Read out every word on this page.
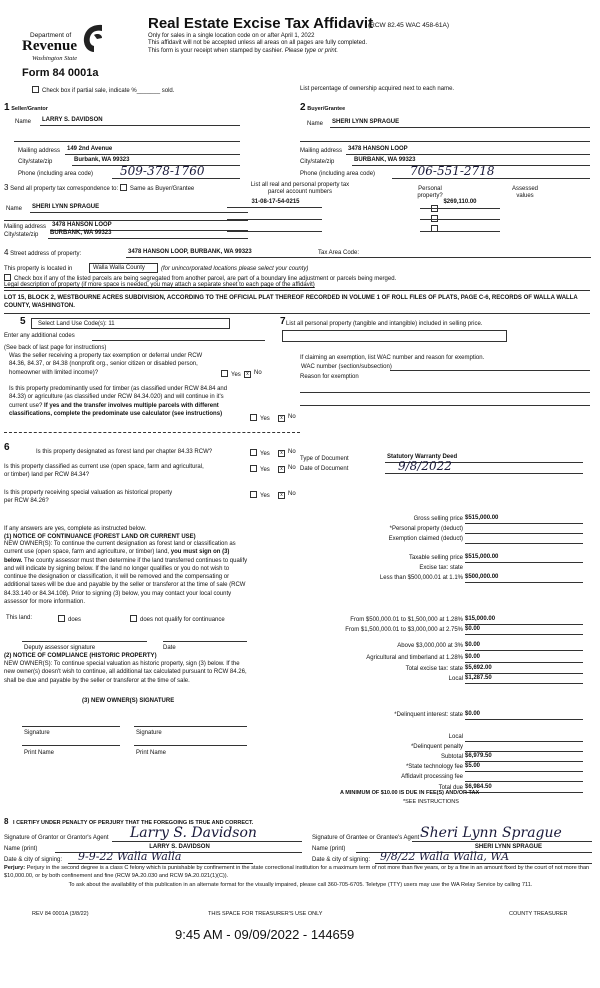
Department of
Revenue
Washington State
Real Estate Excise Tax Affidavit
(RCW 82.45 WAC 458-61A)
Only for sales in a single location code on or after April 1, 2022
This affidavit will not be accepted unless all areas on all pages are fully completed.
This form is your receipt when stamped by cashier. Please type or print.
Form 84 0001a
Check box if partial sale, indicate %_______ sold.	List percentage of ownership acquired next to each name.
1 Seller/Grantor
Name	LARRY S. DAVIDSON
Mailing address	149 2nd Avenue
City/state/zip	Burbank, WA 99323
Phone (including area code) 509-378-1760
2 Buyer/Grantee
Name	SHERI LYNN SPRAGUE
Mailing address 3478 HANSON LOOP
City/state/zip	BURBANK, WA 99323
Phone (including area code)	706-551-2718
3 Send all property tax correspondence to: Same as Buyer/Grantee
Name	SHERI LYNN SPRAGUE
Mailing address 3478 HANSON LOOP
City/state/zip	BURBANK, WA 99323
List all real and personal property tax
parcel account numbers	Personal
property?
Assessed
values
31-08-17-54-0215	$269,110.00
4 Street address of property:	3478 HANSON LOOP, BURBANK, WA 99323	Tax Area Code:
This property is located in	Walla Walla County	(for unincorporated locations please select your county)
Check box if any of the listed parcels are being segregated from another parcel, are part of a boundary line adjustment or parcels being merged.
Legal description of property (if more space is needed, you may attach a separate sheet to each page of the affidavit)
LOT 15, BLOCK 2, WESTBOURNE ACRES SUBDIVISION, ACCORDING TO THE OFFICIAL PLAT THEREOF RECORDED IN VOLUME 1 OF ROLL FILES OF PLATS, PAGE C-6, RECORDS OF WALLA WALLA COUNTY, WASHINGTON.
5	Select Land Use Code(s): 11
Enter any additional codes
(See back of last page for instructions)
Was the seller receiving a property tax exemption or deferral under RCW 84.36, 84.37, or 84.38 (nonprofit org., senior citizen or disabled person, homeowner with limited income)?	Yes	x No
Is this property predominantly used for timber (as classified under RCW 84.84 and 84.33) or agriculture (as classified under RCW 84.34.020) and will continue in it's current use? If yes and the transfer involves multiple parcels with different classifications, complete the predominate use calculator (see instructions)
Yes	x No
7 List all personal property (tangible and intangible) included in selling price.
If claiming an exemption, list WAC number and reason for exemption.
WAC number (section/subsection)
Reason for exemption
Type of Document	Statutory Warranty Deed
Date of Document	9/8/2022
6	Is this property designated as forest land per chapter 84.33 RCW?	Yes	x No
Is this property classified as current use (open space, farm and agricultural, or timber) land per RCW 84.34?
Yes	x No
Is this property receiving special valuation as historical property per RCW 84.26?
Yes	x No
If any answers are yes, complete as instructed below.
(1) NOTICE OF CONTINUANCE (FOREST LAND OR CURRENT USE)
NEW OWNER(S): To continue the current designation as forest land or classification as current use (open space, farm and agriculture, or timber) land, you must sign on (3) below. The county assessor must then determine if the land transferred continues to qualify and will indicate by signing below. If the land no longer qualifies or you do not wish to continue the designation or classification, it will be removed and the compensating or additional taxes will be due and payable by the seller or transferor at the time of sale (RCW 84.33.140 or 84.34.108). Prior to signing (3) below, you may contact your local county assessor for more information.
This land:	does	does not qualify for continuance
Deputy assessor signature	Date
(2) NOTICE OF COMPLIANCE (HISTORIC PROPERTY)
NEW OWNER(S): To continue special valuation as historic property, sign (3) below. If the new owner(s) doesn't wish to continue, all additional tax calculated pursuant to RCW 84.26, shall be due and payable by the seller or transferor at the time of sale.
(3) NEW OWNER(S) SIGNATURE
Signature	Signature
Print Name	Print Name
Gross selling price $515,000.00
*Personal property (deduct)
Exemption claimed (deduct)
Taxable selling price $515,000.00
Excise tax: state
Less than $500,000.01 at 1.1% $500,000.00
From $500,000.01 to $1,500,000 at 1.28% $15,000.00
From $1,500,000.01 to $3,000,000 at 2.75% $0.00
Above $3,000,000 at 3% $0.00
Agricultural and timberland at 1.28% $0.00
Total excise tax: state $5,692.00
Local $1,287.50
*Delinquent interest: state $0.00
Local
*Delinquent penalty
Subtotal $6,979.50
*State technology fee $5.00
Affidavit processing fee
Total due $6,984.50
A MINIMUM OF $10.00 IS DUE IN FEE(S) AND/OR TAX
*SEE INSTRUCTIONS
8 I CERTIFY UNDER PENALTY OF PERJURY THAT THE FOREGOING IS TRUE AND CORRECT.
Signature of Grantor or Grantor's Agent Larry S. Davidson
Name (print)	LARRY S. DAVIDSON
Date & city of signing: 9-9-22 Walla Walla
Signature of Grantee or Grantee's Agent Sheri Lynn Sprague
Name (print)	SHERI LYNN SPRAGUE
Date & city of signing: 9/8/22 Walla Walla, WA
Perjury: Perjury in the second degree is a class C felony which is punishable by confinement in the state correctional institution for a maximum term of not more than five years, or by a fine in an amount fixed by the court of not more than $10,000.00, or by both confinement and fine (RCW 9A.20.030 and RCW 9A.20.021(1)(C)).
To ask about the availability of this publication in an alternate format for the visually impaired, please call 360-705-6705. Teletype (TTY) users may use the WA Relay Service by calling 711.
REV 84 0001A (3/8/22)	THIS SPACE FOR TREASURER'S USE ONLY	COUNTY TREASURER
9:45 AM - 09/09/2022 - 144659
